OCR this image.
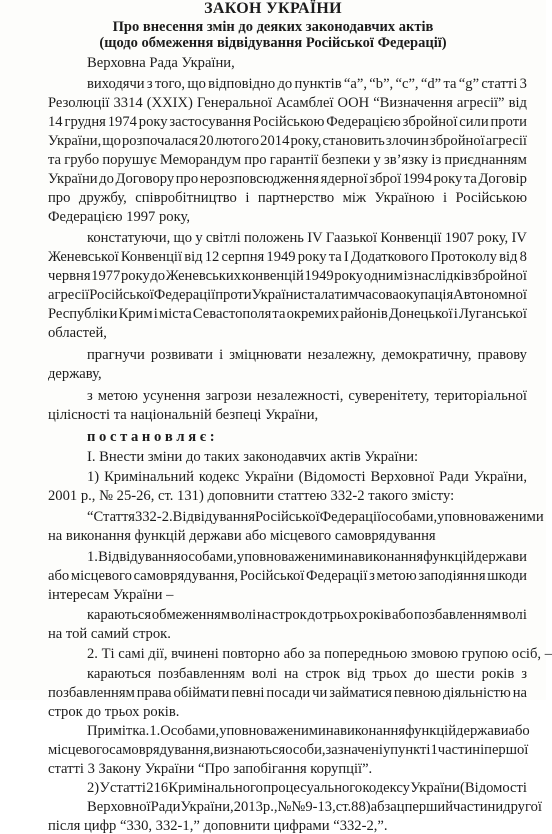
ЗАКОН УКРАЇНИ
Про внесення змін до деяких законодавчих актів
(щодо обмеження відвідування Російської Федерації)
Верховна Рада України,
виходячи з того, що відповідно до пунктів “а”, “b”, “c”, “d” та “g” статті 3
Резолюції 3314 (XXIX) Генеральної Асамблеї ООН “Визначення агресії” від
14 грудня 1974 року застосування Російською Федерацією збройної сили проти
України, що розпочалася 20 лютого 2014 року, становить злочин збройної агресії
та грубо порушує Меморандум про гарантії безпеки у зв’язку із приєднанням
України до Договору про нерозповсюдження ядерної зброї 1994 року та Договір
про дружбу, співробітництво і партнерство між Україною і Російською
Федерацією 1997 року,
констатуючи, що у світлі положень IV Гаазької Конвенції 1907 року, IV
Женевської Конвенції від 12 серпня 1949 року та І Додаткового Протоколу від 8
червня 1977 року до Женевських конвенцій 1949 року одним із наслідків збройної
агресії Російської Федерації проти України стала тимчасова окупація Автономної
Республіки Крим і міста Севастополя та окремих районів Донецької і Луганської
областей,
прагнучи розвивати і зміцнювати незалежну, демократичну, правову
державу,
з метою усунення загрози незалежності, суверенітету, територіальної
цілісності та національній безпеці України,
п о с т а н о в л я є :
I. Внести зміни до таких законодавчих актів України:
1) Кримінальний кодекс України (Відомості Верховної Ради України,
2001 р., № 25-26, ст. 131) доповнити статтею 332-2 такого змісту:
“Стаття 332-2. Відвідування Російської Федерації особами, уповноваженими
на виконання функцій держави або місцевого самоврядування
1. Відвідування особами, уповноваженими на виконання функцій держави
або місцевого самоврядування, Російської Федерації з метою заподіяння шкоди
інтересам України –
караються обмеженням волі на строк до трьох років або позбавленням волі
на той самий строк.
2. Ті самі дії, вчинені повторно або за попередньою змовою групою осіб, –
караються позбавленням волі на строк від трьох до шести років з
позбавленням права обіймати певні посади чи займатися певною діяльністю на
строк до трьох років.
Примітка. 1. Особами, уповноваженими на виконання функцій держави або
місцевого самоврядування, визнаються особи, зазначені у пункті 1 частині першої
статті 3 Закону України “Про запобігання корупції”.
2) У статті 216 Кримінального процесуального кодексу України (Відомості
Верховної Ради України, 2013 р., №№ 9-13, ст. 88) абзац перший частини другої
після цифр “330, 332-1,” доповнити цифрами “332-2,”.
